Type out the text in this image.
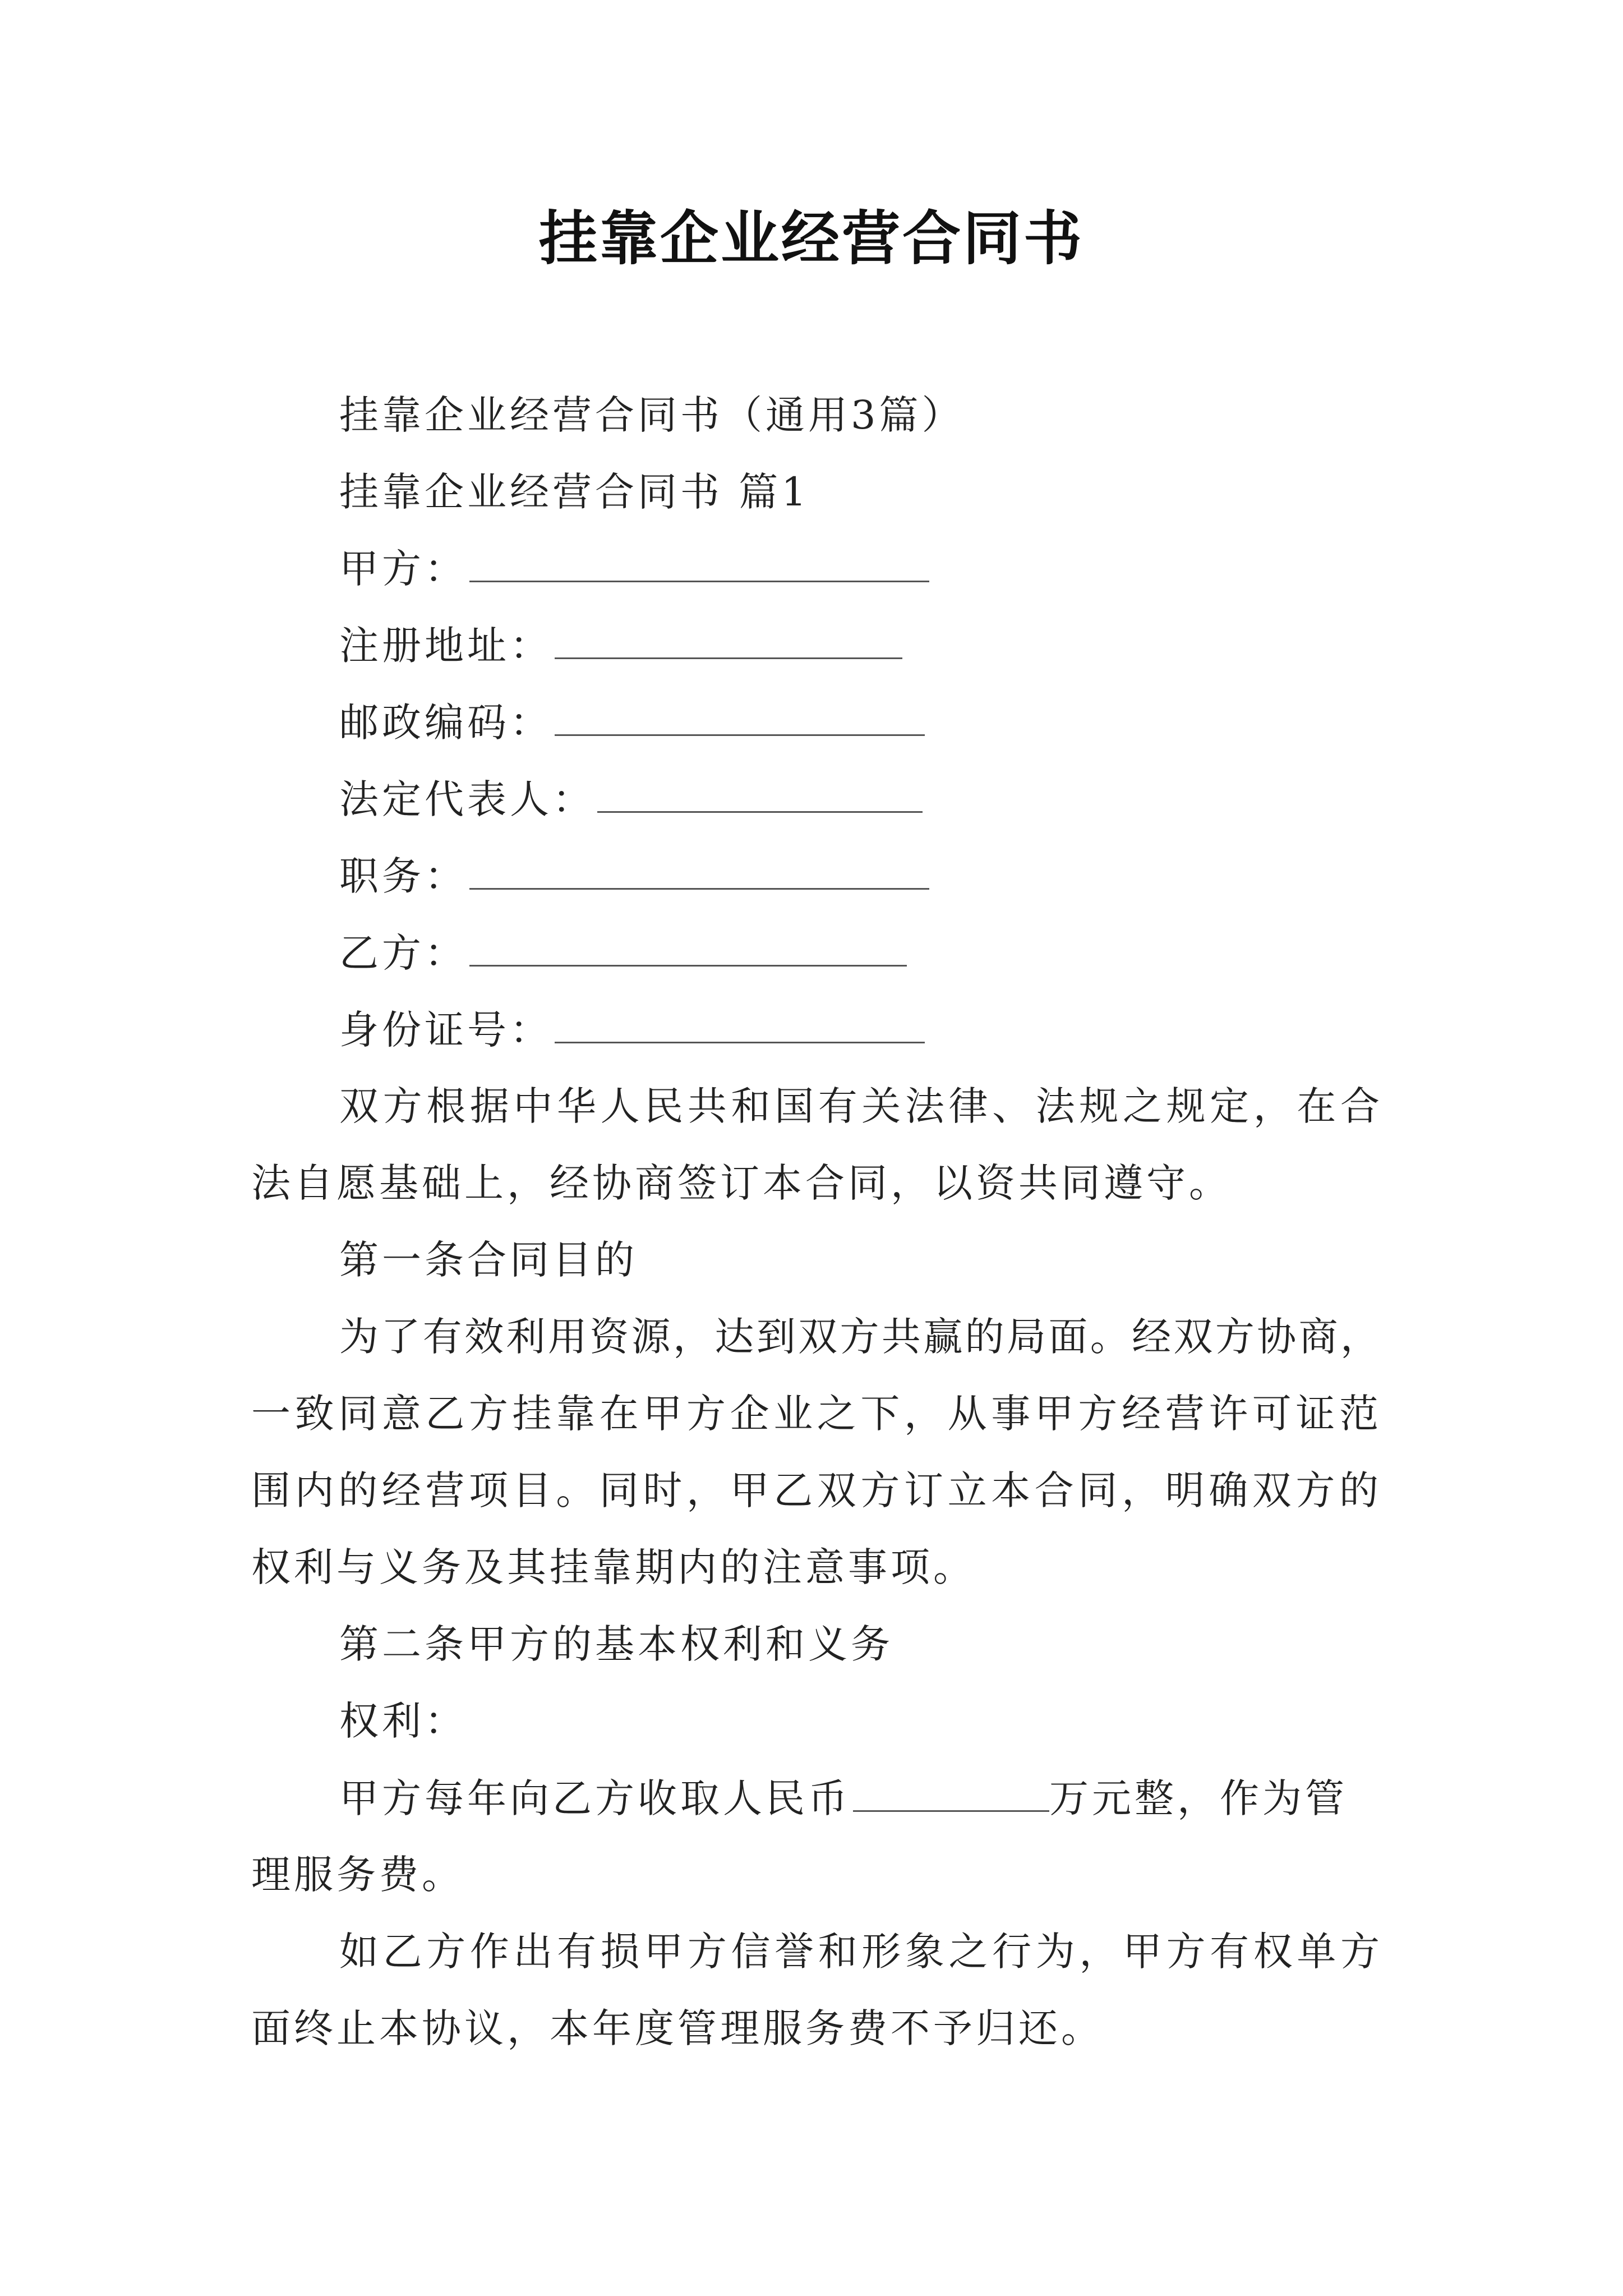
挂靠企业经营合同书
挂靠企业经营合同书（通用3篇）
挂靠企业经营合同书 篇1
甲方：
注册地址：
邮政编码：
法定代表人：
职务：
乙方：
身份证号：
双方根据中华人民共和国有关法律、法规之规定，在合
法自愿基础上，经协商签订本合同，以资共同遵守。
第一条合同目的
为了有效利用资源，达到双方共赢的局面。经双方协商，
一致同意乙方挂靠在甲方企业之下，从事甲方经营许可证范
围内的经营项目。同时，甲乙双方订立本合同，明确双方的
权利与义务及其挂靠期内的注意事项。
第二条甲方的基本权利和义务
权利：
甲方每年向乙方收取人民币	万元整，作为管
理服务费。
如乙方作出有损甲方信誉和形象之行为，甲方有权单方
面终止本协议，本年度管理服务费不予归还。
